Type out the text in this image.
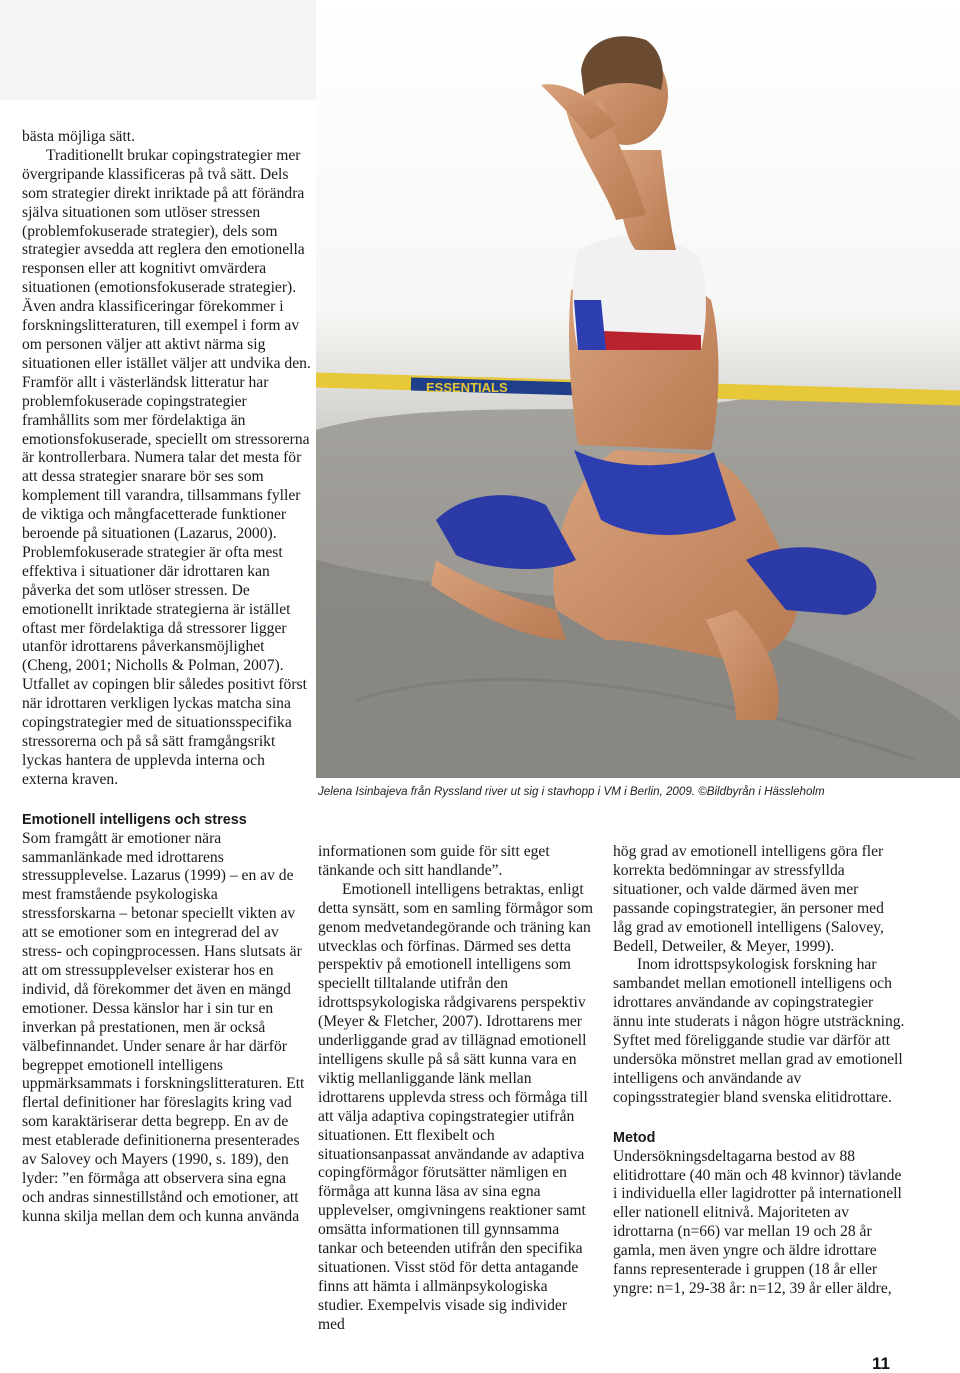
bästa möjliga sätt.

Traditionellt brukar copingstrategier mer övergripande klassificeras på två sätt. Dels som strategier direkt inriktade på att förändra själva situationen som utlöser stressen (problemfokuserade strategier), dels som strategier avsedda att reglera den emotionella responsen eller att kognitivt omvärdera situationen (emotionsfokuserade strategier). Även andra klassificeringar förekommer i forskningslitteraturen, till exempel i form av om personen väljer att aktivt närma sig situationen eller istället väljer att undvika den. Framför allt i västerländsk litteratur har problemfokuserade copingstrategier framhållits som mer fördelaktiga än emotionsfokuserade, speciellt om stressorerna är kontrollerbara. Numera talar det mesta för att dessa strategier snarare bör ses som komplement till varandra, tillsammans fyller de viktiga och mångfacetterade funktioner beroende på situationen (Lazarus, 2000). Problemfokuserade strategier är ofta mest effektiva i situationer där idrottaren kan påverka det som utlöser stressen. De emotionellt inriktade strategierna är istället oftast mer fördelaktiga då stressorer ligger utanför idrottarens påverkansmöjlighet (Cheng, 2001; Nicholls & Polman, 2007). Utfallet av copingen blir således positivt först när idrottaren verkligen lyckas matcha sina copingstrategier med de situationsspecifika stressorerna och på så sätt framgångsrikt lyckas hantera de upplevda interna och externa kraven.

Emotionell intelligens och stress

Som framgått är emotioner nära sammanlänkade med idrottarens stressupplevelse. Lazarus (1999) – en av de mest framstående psykologiska stressforskarna – betonar speciellt vikten av att se emotioner som en integrerad del av stress- och copingprocessen. Hans slutsats är att om stressupplevelser existerar hos en individ, då förekommer det även en mängd emotioner. Dessa känslor har i sin tur en inverkan på prestationen, men är också välbefinnandet. Under senare år har därför begreppet emotionell intelligens uppmärksammats i forskningslitteraturen. Ett flertal definitioner har föreslagits kring vad som karaktäriserar detta begrepp. En av de mest etablerade definitionerna presenterades av Salovey och Mayers (1990, s. 189), den lyder: ”en förmåga att observera sina egna och andras sinnestillstånd och emotioner, att kunna skilja mellan dem och kunna använda

ESSENTIALS
Jelena Isinbajeva från Ryssland river ut sig i stavhopp i VM i Berlin, 2009. ©Bildbyrån i Hässleholm

informationen som guide för sitt eget tänkande och sitt handlande”.

Emotionell intelligens betraktas, enligt detta synsätt, som en samling förmågor som genom medvetandegörande och träning kan utvecklas och förfinas. Därmed ses detta perspektiv på emotionell intelligens som speciellt tilltalande utifrån den idrottspsykologiska rådgivarens perspektiv (Meyer & Fletcher, 2007). Idrottarens mer underliggande grad av tillägnad emotionell intelligens skulle på så sätt kunna vara en viktig mellanliggande länk mellan idrottarens upplevda stress och förmåga till att välja adaptiva copingstrategier utifrån situationen. Ett flexibelt och situationsanpassat användande av adaptiva copingförmågor förutsätter nämligen en förmåga att kunna läsa av sina egna upplevelser, omgivningens reaktioner samt omsätta informationen till gynnsamma tankar och beteenden utifrån den specifika situationen. Visst stöd för detta antagande finns att hämta i allmänpsykologiska studier. Exempelvis visade sig individer med

hög grad av emotionell intelligens göra fler korrekta bedömningar av stressfyllda situationer, och valde därmed även mer passande copingstrategier, än personer med låg grad av emotionell intelligens (Salovey, Bedell, Detweiler, & Meyer, 1999).

Inom idrottspsykologisk forskning har sambandet mellan emotionell intelligens och idrottares användande av copingstrategier ännu inte studerats i någon högre utsträckning. Syftet med föreliggande studie var därför att undersöka mönstret mellan grad av emotionell intelligens och användande av copingsstrategier bland svenska elitidrottare.

Metod

Undersökningsdeltagarna bestod av 88 elitidrottare (40 män och 48 kvinnor) tävlande i individuella eller lagidrotter på internationell eller nationell elitnivå. Majoriteten av idrottarna (n=66) var mellan 19 och 28 år gamla, men även yngre och äldre idrottare fanns representerade i gruppen (18 år eller yngre: n=1, 29-38 år: n=12, 39 år eller äldre,

11
